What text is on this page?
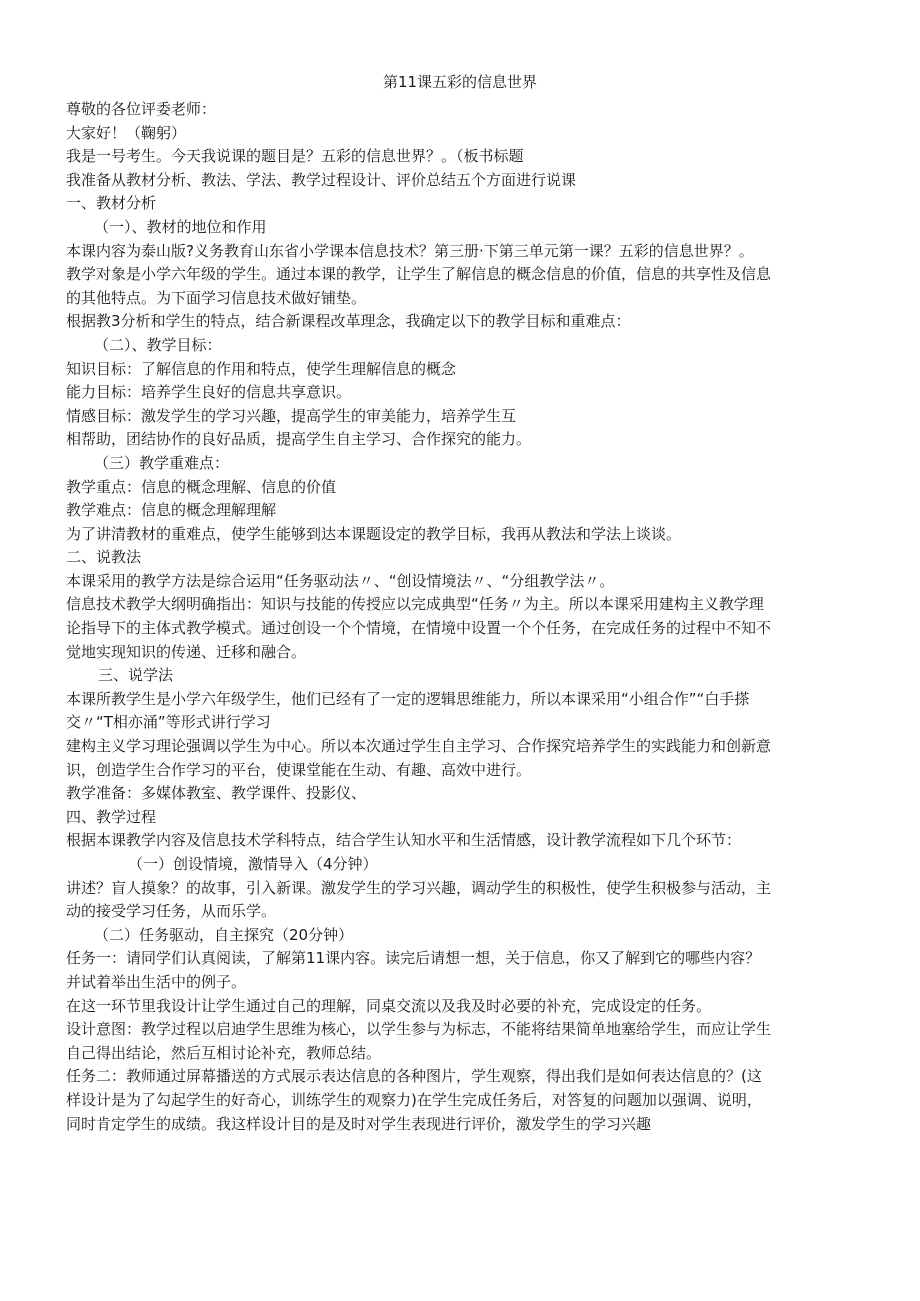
第11课五彩的信息世界
尊敬的各位评委老师：
大家好！（鞠躬）
我是一号考生。今天我说课的题目是？五彩的信息世界？。（板书标题
我准备从教材分析、教法、学法、教学过程设计、评价总结五个方面进行说课
一、教材分析
（一）、教材的地位和作用
本课内容为泰山版?义务教育山东省小学课本信息技术？第三册·下第三单元第一课？五彩的信息世界？。
教学对象是小学六年级的学生。通过本课的教学，让学生了解信息的概念信息的价值，信息的共享性及信息
的其他特点。为下面学习信息技术做好铺垫。
根据教3分析和学生的特点，结合新课程改革理念，我确定以下的教学目标和重难点：
（二）、教学目标：
知识目标：了解信息的作用和特点，使学生理解信息的概念
能力目标：培养学生良好的信息共享意识。
情感目标：激发学生的学习兴趣，提高学生的审美能力，培养学生互
相帮助，团结协作的良好品质，提高学生自主学习、合作探究的能力。
（三）教学重难点：
教学重点：信息的概念理解、信息的价值
教学难点：信息的概念理解理解
为了讲清教材的重难点，使学生能够到达本课题设定的教学目标，我再从教法和学法上谈谈。
二、说教法
本课采用的教学方法是综合运用“任务驱动法〃、“创设情境法〃、“分组教学法〃。
信息技术教学大纲明确指出：知识与技能的传授应以完成典型“任务〃为主。所以本课采用建构主义教学理
论指导下的主体式教学模式。通过创设一个个情境，在情境中设置一个个任务，在完成任务的过程中不知不
觉地实现知识的传递、迁移和融合。
三、说学法
本课所教学生是小学六年级学生，他们已经有了一定的逻辑思维能力，所以本课采用“小组合作”“白手搽
交〃“T相亦涌”等形式讲行学习
建构主义学习理论强调以学生为中心。所以本次通过学生自主学习、合作探究培养学生的实践能力和创新意
识，创造学生合作学习的平台，使课堂能在生动、有趣、高效中进行。
教学准备：多媒体教室、教学课件、投影仪、
四、教学过程
根据本课教学内容及信息技术学科特点，结合学生认知水平和生活情感，设计教学流程如下几个环节：
（一）创设情境，激情导入（4分钟）
讲述？盲人摸象？的故事，引入新课。激发学生的学习兴趣，调动学生的积极性，使学生积极参与活动，主
动的接受学习任务，从而乐学。
（二）任务驱动，自主探究（20分钟）
任务一：请同学们认真阅读，了解第11课内容。读完后请想一想，关于信息，你又了解到它的哪些内容？
并试着举出生活中的例子。
在这一环节里我设计让学生通过自己的理解，同桌交流以及我及时必要的补充，完成设定的任务。
设计意图：教学过程以启迪学生思维为核心，以学生参与为标志，不能将结果简单地塞给学生，而应让学生
自己得出结论，然后互相讨论补充，教师总结。
任务二：教师通过屏幕播送的方式展示表达信息的各种图片，学生观察，得出我们是如何表达信息的？(这
样设计是为了勾起学生的好奇心，训练学生的观察力)在学生完成任务后，对答复的问题加以强调、说明，
同时肯定学生的成绩。我这样设计目的是及时对学生表现进行评价，激发学生的学习兴趣
